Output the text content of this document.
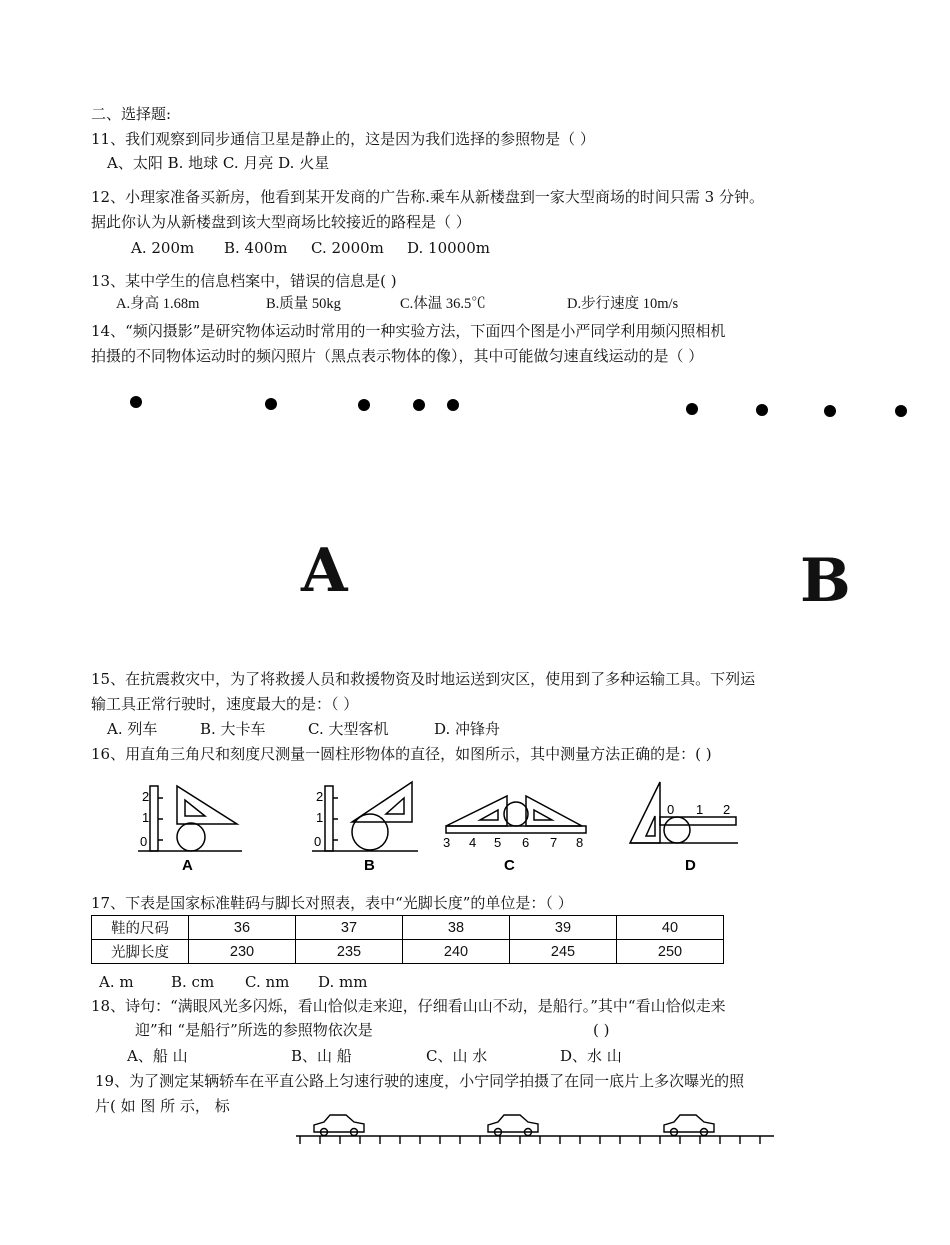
二、选择题:
11、我们观察到同步通信卫星是静止的，这是因为我们选择的参照物是（ ）
A、太阳 B. 地球 C. 月亮 D. 火星
12、小理家准备买新房，他看到某开发商的广告称.乘车从新楼盘到一家大型商场的时间只需 3 分钟。
据此你认为从新楼盘到该大型商场比较接近的路程是（ ）
A. 200m B. 400m C. 2000m D. 10000m
13、某中学生的信息档案中，错误的信息是( )
A.身高 1.68m	B.质量 50kg	C.体温 36.5℃	D.步行速度 10m/s
14、“频闪摄影”是研究物体运动时常用的一种实验方法，下面四个图是小严同学利用频闪照相机
拍摄的不同物体运动时的频闪照片（黑点表示物体的像），其中可能做匀速直线运动的是（ ）
A	B
15、在抗震救灾中，为了将救援人员和救援物资及时地运送到灾区，使用到了多种运输工具。下列运
输工具正常行驶时，速度最大的是：（ ）
A. 列车	B. 大卡车	C. 大型客机	D. 冲锋舟
16、用直角三角尺和刻度尺测量一圆柱形物体的直径，如图所示，其中测量方法正确的是：( )
2
1
0
A
2
1
0
B
3 4 5 6 7 8
C
0 1 2
D
17、下表是国家标准鞋码与脚长对照表，表中“光脚长度”的单位是：（ ）
鞋的尺码	36	37	38	39	40
光脚长度	230	235	240	245	250
A. m B. cm C. nm D. mm
18、诗句：“满眼风光多闪烁，看山恰似走来迎，仔细看山山不动，是船行。”其中“看山恰似走来
迎”和 “是船行”所选的参照物依次是	( )
A、船 山	B、山 船	C、山 水	D、水 山
19、为了测定某辆轿车在平直公路上匀速行驶的速度，小宁同学拍摄了在同一底片上多次曝光的照
片( 如 图 所 示， 标
